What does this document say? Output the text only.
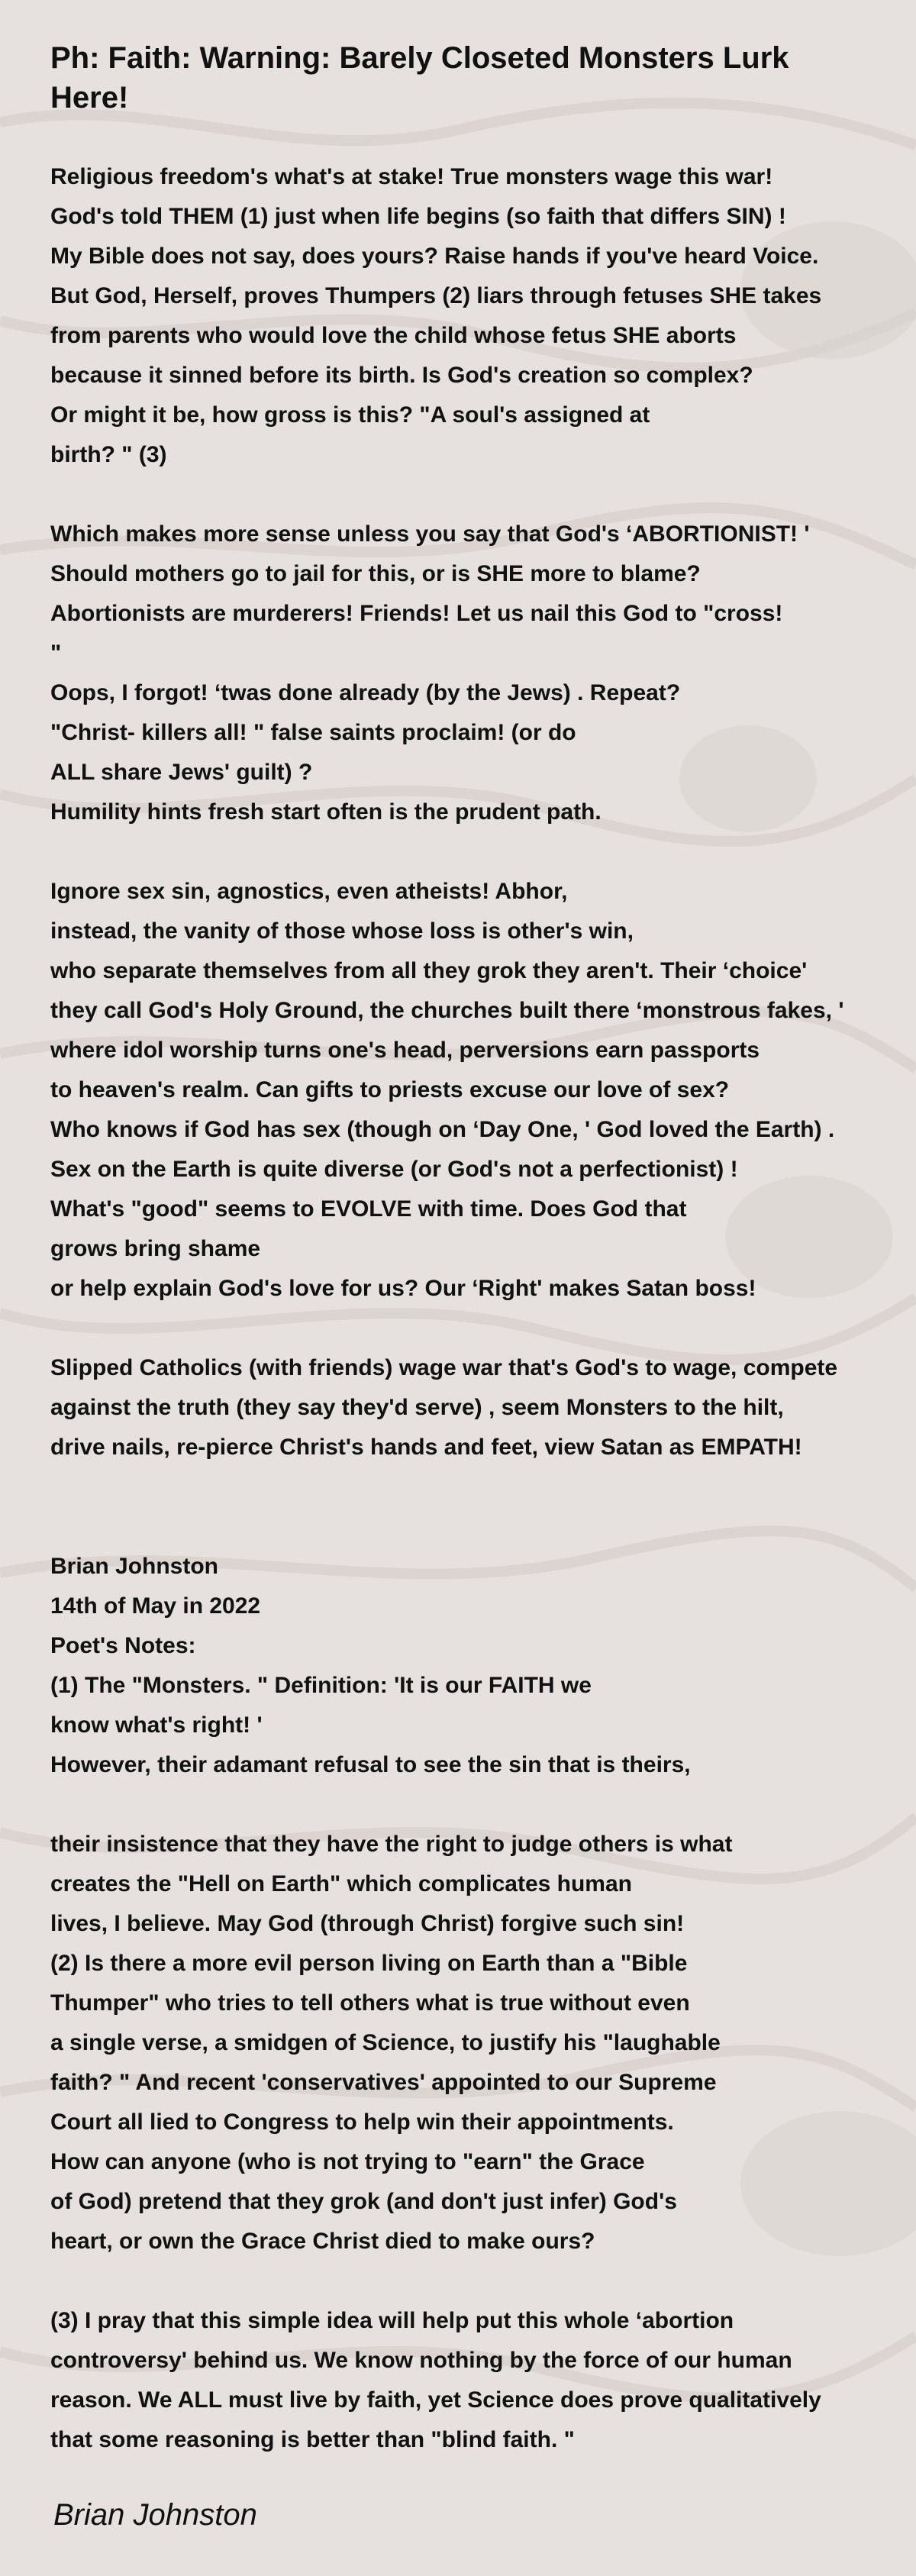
Ph: Faith: Warning: Barely Closeted Monsters Lurk Here!
Religious freedom's what's at stake! True monsters wage this war!
God's told THEM (1) just when life begins (so faith that differs SIN) !
My Bible does not say, does yours? Raise hands if you've heard Voice.
But God, Herself, proves Thumpers (2) liars through fetuses SHE takes
from parents who would love the child whose fetus SHE aborts
because it sinned before its birth. Is God's creation so complex?
Or might it be, how gross is this? "A soul's assigned at
birth? " (3)
Which makes more sense unless you say that God's ‘ABORTIONIST! '
Should mothers go to jail for this, or is SHE more to blame?
Abortionists are murderers! Friends! Let us nail this God to "cross!
"
Oops, I forgot! ‘twas done already (by the Jews) . Repeat?
"Christ- killers all! " false saints proclaim! (or do
ALL share Jews' guilt) ?
Humility hints fresh start often is the prudent path.
Ignore sex sin, agnostics, even atheists! Abhor,
instead, the vanity of those whose loss is other's win,
who separate themselves from all they grok they aren't. Their ‘choice'
they call God's Holy Ground, the churches built there ‘monstrous fakes, '
where idol worship turns one's head, perversions earn passports
to heaven's realm. Can gifts to priests excuse our love of sex?
Who knows if God has sex (though on ‘Day One, ' God loved the Earth) .
Sex on the Earth is quite diverse (or God's not a perfectionist) !
What's "good" seems to EVOLVE with time. Does God that
grows bring shame
or help explain God's love for us? Our ‘Right' makes Satan boss!
Slipped Catholics (with friends) wage war that's God's to wage, compete
against the truth (they say they'd serve) , seem Monsters to the hilt,
drive nails, re-pierce Christ's hands and feet, view Satan as EMPATH!
Brian Johnston
14th of May in 2022
Poet's Notes:
(1) The "Monsters. " Definition: 'It is our FAITH we
know what's right! '
However, their adamant refusal to see the sin that is theirs,
their insistence that they have the right to judge others is what
creates the "Hell on Earth" which complicates human
lives, I believe. May God (through Christ) forgive such sin!
(2) Is there a more evil person living on Earth than a "Bible
Thumper" who tries to tell others what is true without even
a single verse, a smidgen of Science, to justify his "laughable
faith? " And recent 'conservatives' appointed to our Supreme
Court all lied to Congress to help win their appointments.
How can anyone (who is not trying to "earn" the Grace
of God) pretend that they grok (and don't just infer) God's
heart, or own the Grace Christ died to make ours?
(3) I pray that this simple idea will help put this whole ‘abortion
controversy' behind us. We know nothing by the force of our human
reason. We ALL must live by faith, yet Science does prove qualitatively
that some reasoning is better than "blind faith. "
Brian Johnston
